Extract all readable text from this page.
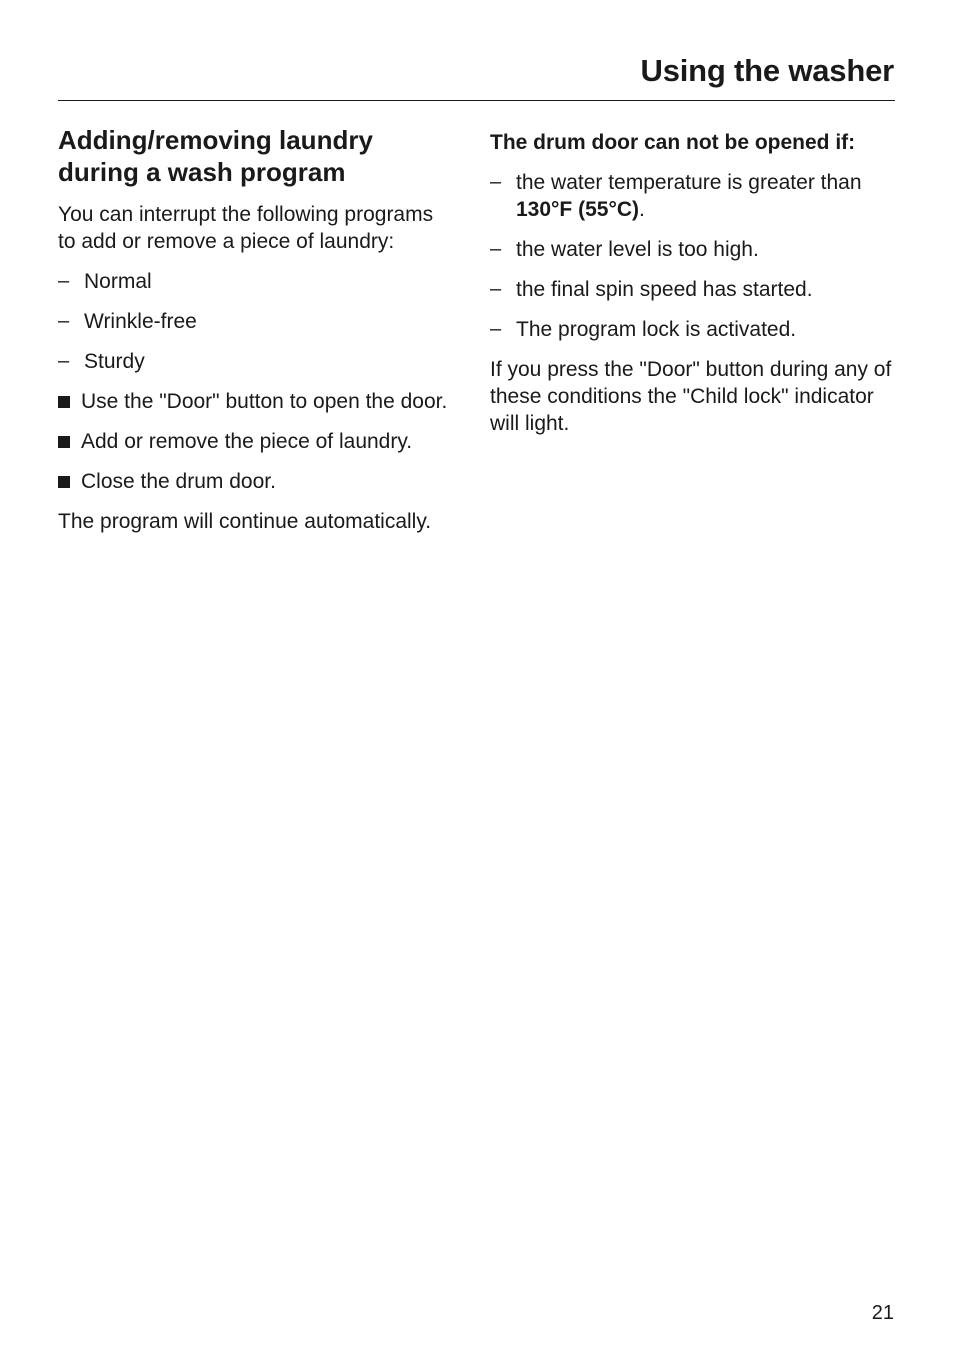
Using the washer
Adding/removing laundry
during a wash program

You can interrupt the following programs to add or remove a piece of laundry:

– Normal
– Wrinkle-free
– Sturdy
Use the "Door" button to open the door.
Add or remove the piece of laundry.
Close the drum door.

The program will continue automatically.

The drum door can not be opened if:
– the water temperature is greater than 130°F (55°C).
– the water level is too high.
– the final spin speed has started.
– The program lock is activated.

If you press the "Door" button during any of these conditions the "Child lock" indicator will light.

21
